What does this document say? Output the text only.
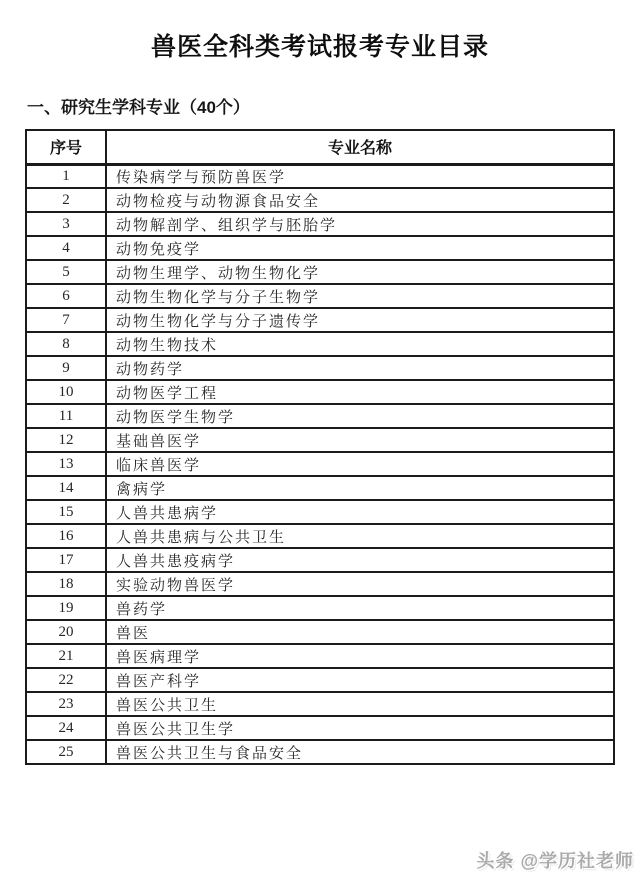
兽医全科类考试报考专业目录
一、研究生学科专业（40个）
序号	专业名称
1	传染病学与预防兽医学
2	动物检疫与动物源食品安全
3	动物解剖学、组织学与胚胎学
4	动物免疫学
5	动物生理学、动物生物化学
6	动物生物化学与分子生物学
7	动物生物化学与分子遗传学
8	动物生物技术
9	动物药学
10	动物医学工程
11	动物医学生物学
12	基础兽医学
13	临床兽医学
14	禽病学
15	人兽共患病学
16	人兽共患病与公共卫生
17	人兽共患疫病学
18	实验动物兽医学
19	兽药学
20	兽医
21	兽医病理学
22	兽医产科学
23	兽医公共卫生
24	兽医公共卫生学
25	兽医公共卫生与食品安全
头条 @学历社老师
